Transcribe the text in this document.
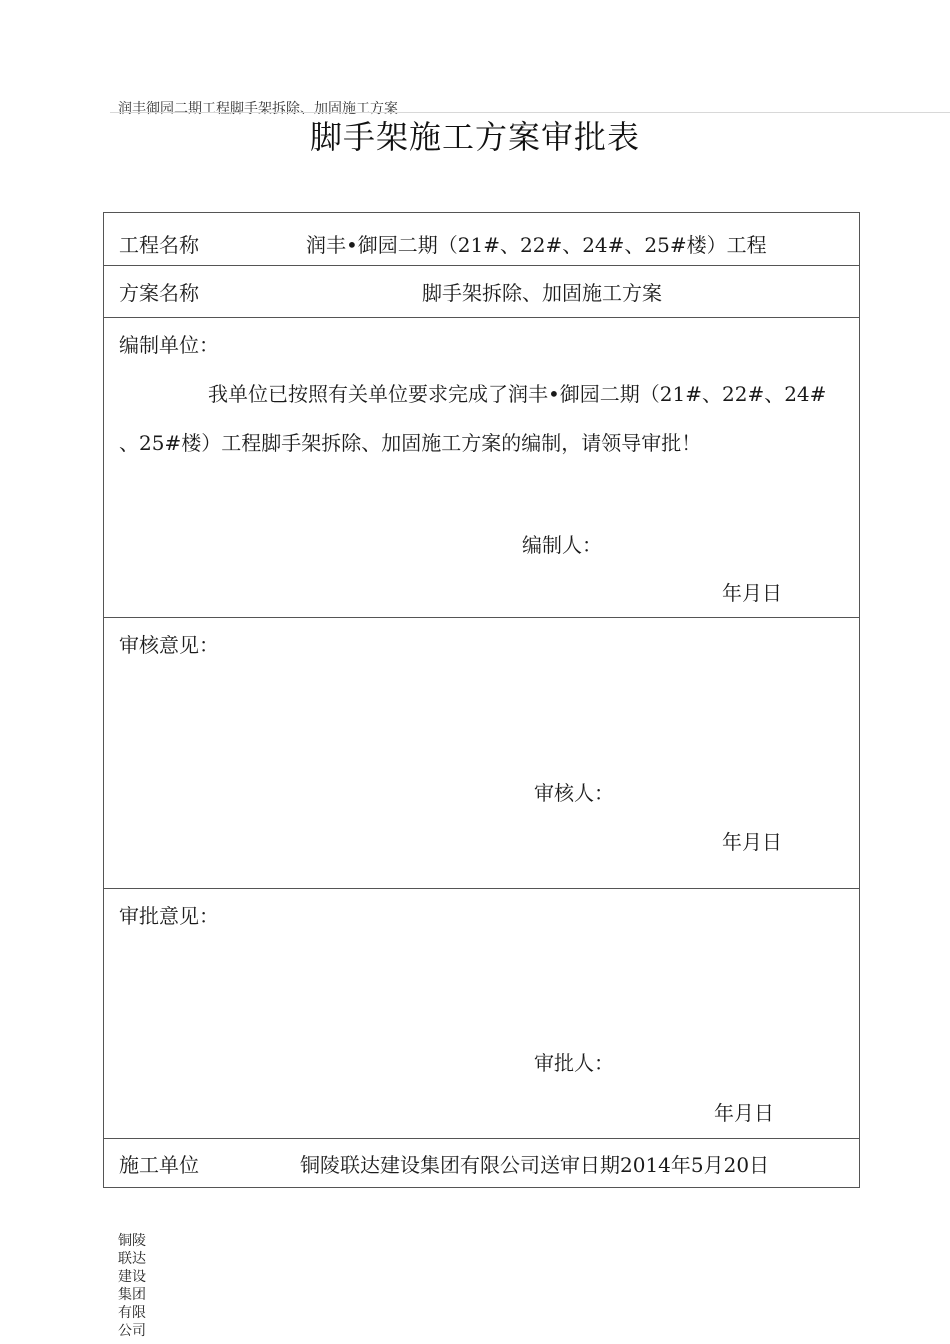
润丰御园二期工程脚手架拆除、加固施工方案
脚手架施工方案审批表
工程名称	润丰•御园二期（21#、22#、24#、25#楼）工程
方案名称	脚手架拆除、加固施工方案
编制单位：
我单位已按照有关单位要求完成了润丰•御园二期（21#、22#、24#
、25#楼）工程脚手架拆除、加固施工方案的编制，请领导审批！
编制人：
年月日
审核意见：
审核人：
年月日
审批意见：
审批人：
年月日
施工单位	铜陵联达建设集团有限公司送审日期2014年5月20日
铜陵
联达
建设
集团
有限
公司
